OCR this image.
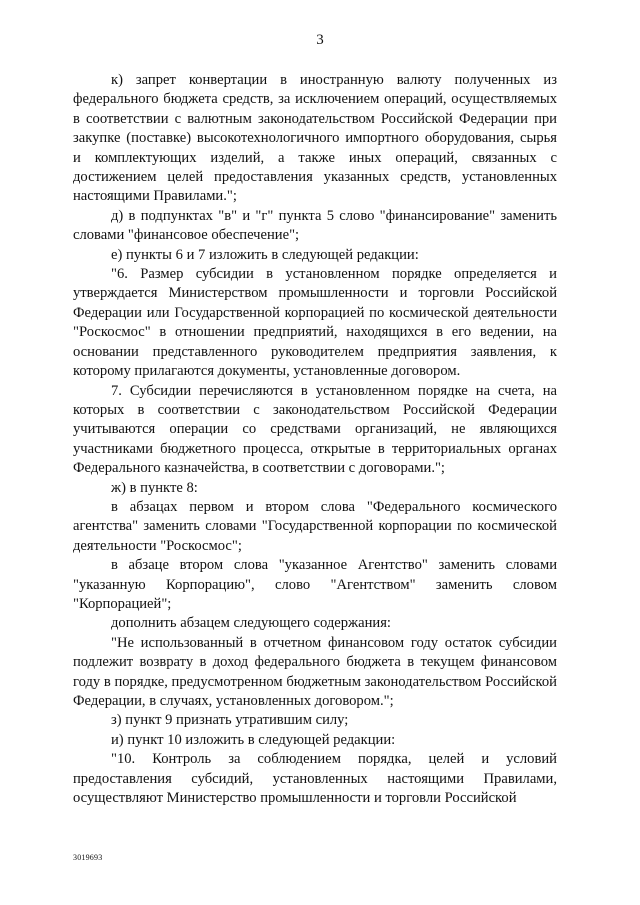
3

к) запрет конвертации в иностранную валюту полученных из федерального бюджета средств, за исключением операций, осуществляемых в соответствии с валютным законодательством Российской Федерации при закупке (поставке) высокотехнологичного импортного оборудования, сырья и комплектующих изделий, а также иных операций, связанных с достижением целей предоставления указанных средств, установленных настоящими Правилами.";

д) в подпунктах "в" и "г" пункта 5 слово "финансирование" заменить словами "финансовое обеспечение";

е) пункты 6 и 7 изложить в следующей редакции:

"6. Размер субсидии в установленном порядке определяется и утверждается Министерством промышленности и торговли Российской Федерации или Государственной корпорацией по космической деятельности "Роскосмос" в отношении предприятий, находящихся в его ведении, на основании представленного руководителем предприятия заявления, к которому прилагаются документы, установленные договором.

7. Субсидии перечисляются в установленном порядке на счета, на которых в соответствии с законодательством Российской Федерации учитываются операции со средствами организаций, не являющихся участниками бюджетного процесса, открытые в территориальных органах Федерального казначейства, в соответствии с договорами.";

ж) в пункте 8:

в абзацах первом и втором слова "Федерального космического агентства" заменить словами "Государственной корпорации по космической деятельности "Роскосмос";

в абзаце втором слова "указанное Агентство" заменить словами "указанную Корпорацию", слово "Агентством" заменить словом "Корпорацией";

дополнить абзацем следующего содержания:

"Не использованный в отчетном финансовом году остаток субсидии подлежит возврату в доход федерального бюджета в текущем финансовом году в порядке, предусмотренном бюджетным законодательством Российской Федерации, в случаях, установленных договором.";

з) пункт 9 признать утратившим силу;

и) пункт 10 изложить в следующей редакции:

"10. Контроль за соблюдением порядка, целей и условий предоставления субсидий, установленных настоящими Правилами, осуществляют Министерство промышленности и торговли Российской

3019693
